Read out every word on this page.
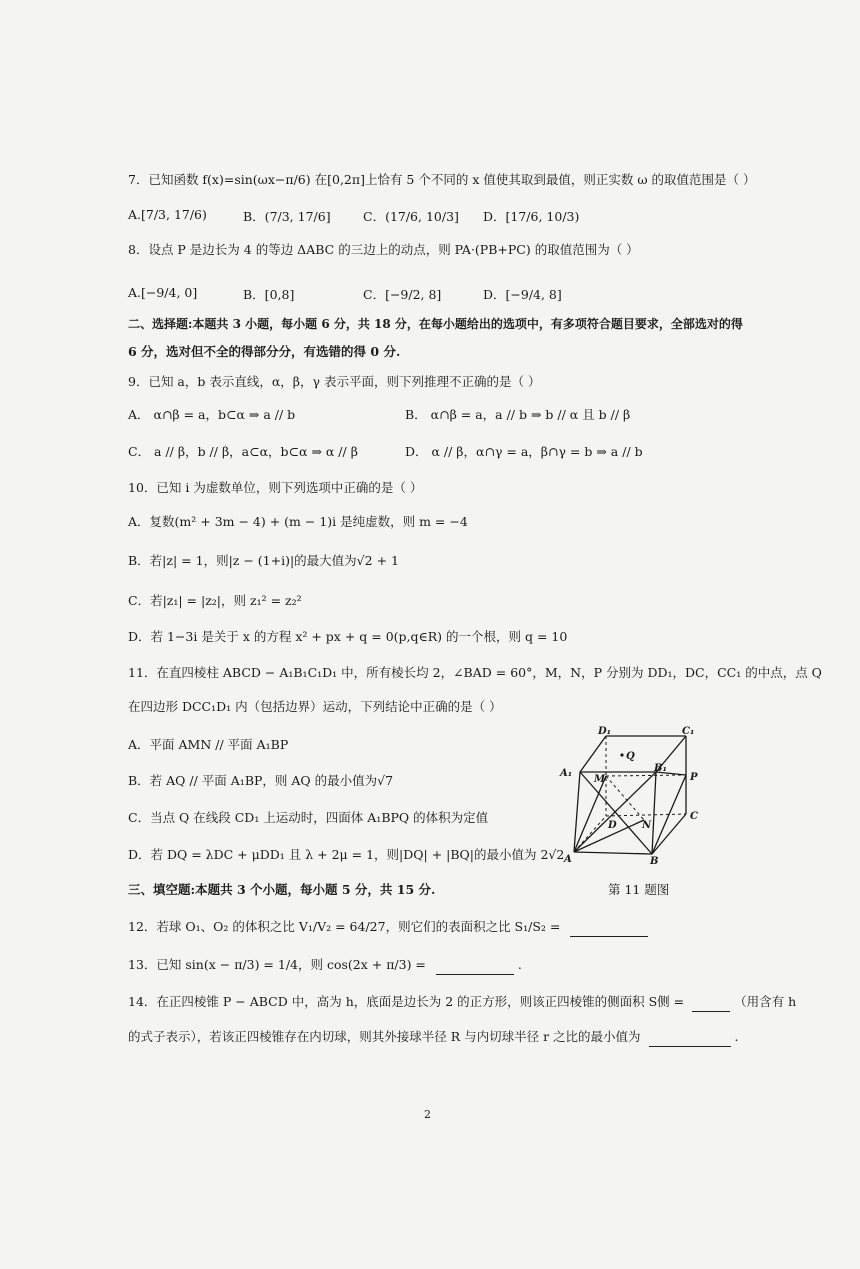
7．已知函数 f(x)=sin(ωx−π/6) 在[0,2π]上恰有 5 个不同的 x 值使其取到最值，则正实数 ω 的取值范围是（ ）
A.[7/3, 17/6)	B．(7/3, 17/6]	C．(17/6, 10/3] D．[17/6, 10/3)
8．设点 P 是边长为 4 的等边 ΔABC 的三边上的动点，则 PA·(PB+PC) 的取值范围为（ ）
A.[−9/4, 0]	B．[0,8]	C．[−9/2, 8]	D．[−9/4, 8]
二、选择题:本题共 3 小题，每小题 6 分，共 18 分，在每小题给出的选项中，有多项符合题目要求，全部选对的得
6 分，选对但不全的得部分分，有选错的得 0 分.
9．已知 a，b 表示直线，α，β，γ 表示平面，则下列推理不正确的是（ ）
A． α∩β = a，b⊂α ⇒ a // b	B． α∩β = a，a // b ⇒ b // α 且 b // β
C． a // β，b // β，a⊂α，b⊂α ⇒ α // β	D． α // β，α∩γ = a，β∩γ = b ⇒ a // b
10．已知 i 为虚数单位，则下列选项中正确的是（ ）
A．复数(m² + 3m − 4) + (m − 1)i 是纯虚数，则 m = −4
B．若|z| = 1，则|z − (1+i)|的最大值为√2 + 1
C．若|z₁| = |z₂|，则 z₁² = z₂²
D．若 1−3i 是关于 x 的方程 x² + px + q = 0(p,q∈R) 的一个根，则 q = 10
11．在直四棱柱 ABCD − A₁B₁C₁D₁ 中，所有棱长均 2，∠BAD = 60°，M，N，P 分别为 DD₁，DC，CC₁ 的中点，点 Q
在四边形 DCC₁D₁ 内（包括边界）运动，下列结论中正确的是（ ）
A．平面 AMN // 平面 A₁BP
B．若 AQ // 平面 A₁BP，则 AQ 的最小值为√7
C．当点 Q 在线段 CD₁ 上运动时，四面体 A₁BPQ 的体积为定值
D．若 DQ = λDC + μDD₁ 且 λ + 2μ = 1，则|DQ| + |BQ|的最小值为 2√2
D₁	C₁
Q
A₁
M
B₁
P
D	N
C
A	B
第 11 题图
三、填空题:本题共 3 个小题，每小题 5 分，共 15 分.
12．若球 O₁、O₂ 的体积之比 V₁/V₂ = 64/27，则它们的表面积之比 S₁/S₂ =
13．已知 sin(x − π/3) = 1/4，则 cos(2x + π/3) =	.
14．在正四棱锥 P − ABCD 中，高为 h，底面是边长为 2 的正方形，则该正四棱锥的侧面积 S侧 =	（用含有 h
的式子表示），若该正四棱锥存在内切球，则其外接球半径 R 与内切球半径 r 之比的最小值为	.
2
